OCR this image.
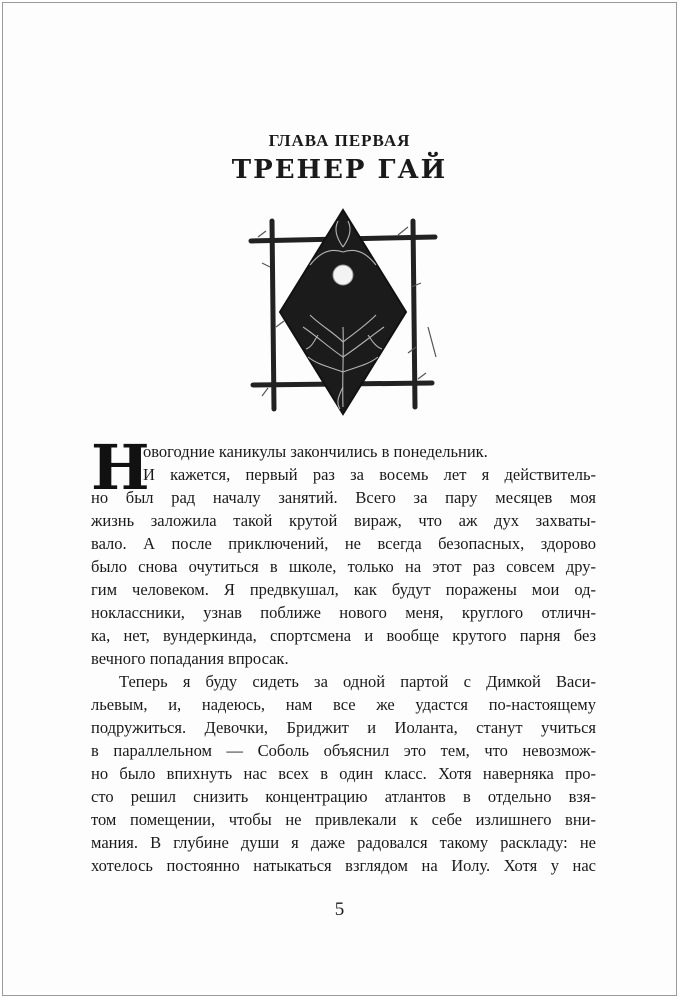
ГЛАВА ПЕРВАЯ
ТРЕНЕР ГАЙ
Н
овогодние каникулы закончились в понедельник.
И кажется, первый раз за восемь лет я действитель-

но был рад началу занятий. Всего за пару месяцев моя
жизнь заложила такой крутой вираж, что аж дух захваты-
вало. А после приключений, не всегда безопасных, здорово
было снова очутиться в школе, только на этот раз совсем дру-
гим человеком. Я предвкушал, как будут поражены мои од-
ноклассники, узнав поближе нового меня, круглого отличн-
ка, нет, вундеркинда, спортсмена и вообще крутого парня без
вечного попадания впросак.

Теперь я буду сидеть за одной партой с Димкой Васи-
льевым, и, надеюсь, нам все же удастся по-настоящему
подружиться. Девочки, Бриджит и Иоланта, станут учиться
в параллельном — Соболь объяснил это тем, что невозмож-
но было впихнуть нас всех в один класс. Хотя наверняка про-
сто решил снизить концентрацию атлантов в отдельно взя-
том помещении, чтобы не привлекали к себе излишнего вни-
мания. В глубине души я даже радовался такому раскладу: не
хотелось постоянно натыкаться взглядом на Иолу. Хотя у нас

5
